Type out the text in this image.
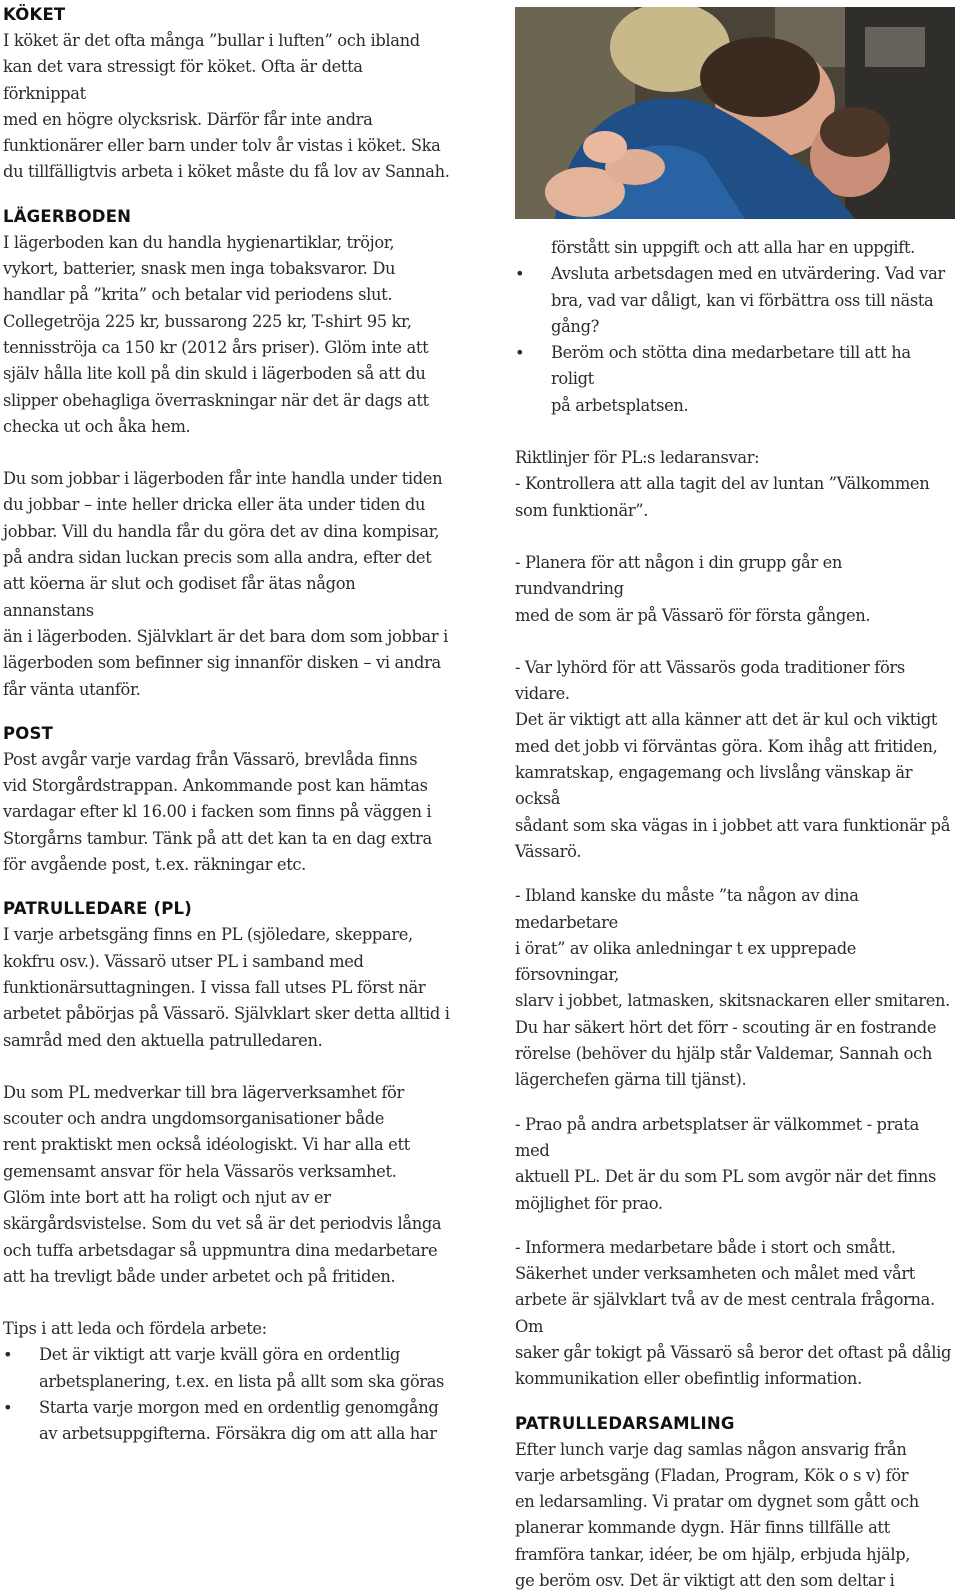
KÖKET

I köket är det ofta många ”bullar i luften” och ibland

kan det vara stressigt för köket. Ofta är detta förknippat

med en högre olycksrisk. Därför får inte andra

funktionärer eller barn under tolv år vistas i köket. Ska

du tillfälligtvis arbeta i köket måste du få lov av Sannah.

LÄGERBODEN

I lägerboden kan du handla hygienartiklar, tröjor,

vykort, batterier, snask men inga tobaksvaror. Du

handlar på ”krita” och betalar vid periodens slut.

Collegetröja 225 kr, bussarong 225 kr, T-shirt 95 kr,

tennisströja ca 150 kr (2012 års priser). Glöm inte att

själv hålla lite koll på din skuld i lägerboden så att du

slipper obehagliga överraskningar när det är dags att

checka ut och åka hem.

Du som jobbar i lägerboden får inte handla under tiden

du jobbar – inte heller dricka eller äta under tiden du

jobbar. Vill du handla får du göra det av dina kompisar,

på andra sidan luckan precis som alla andra, efter det

att köerna är slut och godiset får ätas någon annanstans

än i lägerboden. Självklart är det bara dom som jobbar i

lägerboden som befinner sig innanför disken – vi andra

får vänta utanför.

POST

Post avgår varje vardag från Vässarö, brevlåda finns

vid Storgårdstrappan. Ankommande post kan hämtas

vardagar efter kl 16.00 i facken som finns på väggen i

Storgårns tambur. Tänk på att det kan ta en dag extra

för avgående post, t.ex. räkningar etc.

PATRULLEDARE (PL)

I varje arbetsgäng finns en PL (sjöledare, skeppare,

kokfru osv.). Vässarö utser PL i samband med

funktionärsuttagningen. I vissa fall utses PL först när

arbetet påbörjas på Vässarö. Självklart sker detta alltid i

samråd med den aktuella patrulledaren.

Du som PL medverkar till bra lägerverksamhet för

scouter och andra ungdomsorganisationer både

rent praktiskt men också idéologiskt. Vi har alla ett

gemensamt ansvar för hela Vässarös verksamhet.

Glöm inte bort att ha roligt och njut av er

skärgårdsvistelse. Som du vet så är det periodvis långa

och tuffa arbetsdagar så uppmuntra dina medarbetare

att ha trevligt både under arbetet och på fritiden.

Tips i att leda och fördela arbete:

• Det är viktigt att varje kväll göra en ordentlig
arbetsplanering, t.ex. en lista på allt som ska göras
• Starta varje morgon med en ordentlig genomgång
av arbetsuppgifterna. Försäkra dig om att alla har

förstått sin uppgift och att alla har en uppgift.

• Avsluta arbetsdagen med en utvärdering. Vad var
bra, vad var dåligt, kan vi förbättra oss till nästa
gång?
• Beröm och stötta dina medarbetare till att ha roligt
på arbetsplatsen.

Riktlinjer för PL:s ledaransvar:

- Kontrollera att alla tagit del av luntan ”Välkommen

som funktionär”.

- Planera för att någon i din grupp går en rundvandring

med de som är på Vässarö för första gången.

- Var lyhörd för att Vässarös goda traditioner förs vidare.

Det är viktigt att alla känner att det är kul och viktigt

med det jobb vi förväntas göra. Kom ihåg att fritiden,

kamratskap, engagemang och livslång vänskap är också

sådant som ska vägas in i jobbet att vara funktionär på

Vässarö.

- Ibland kanske du måste ”ta någon av dina medarbetare

i örat” av olika anledningar t ex upprepade försovningar,

slarv i jobbet, latmasken, skitsnackaren eller smitaren.

Du har säkert hört det förr - scouting är en fostrande

rörelse (behöver du hjälp står Valdemar, Sannah och

lägerchefen gärna till tjänst).

- Prao på andra arbetsplatser är välkommet - prata med

aktuell PL. Det är du som PL som avgör när det finns

möjlighet för prao.

- Informera medarbetare både i stort och smått.

Säkerhet under verksamheten och målet med vårt

arbete är självklart två av de mest centrala frågorna. Om

saker går tokigt på Vässarö så beror det oftast på dålig

kommunikation eller obefintlig information.

PATRULLEDARSAMLING

Efter lunch varje dag samlas någon ansvarig från

varje arbetsgäng (Fladan, Program, Kök o s v) för

en ledarsamling. Vi pratar om dygnet som gått och

planerar kommande dygn. Här finns tillfälle att

framföra tankar, idéer, be om hjälp, erbjuda hjälp,

ge beröm osv. Det är viktigt att den som deltar i
